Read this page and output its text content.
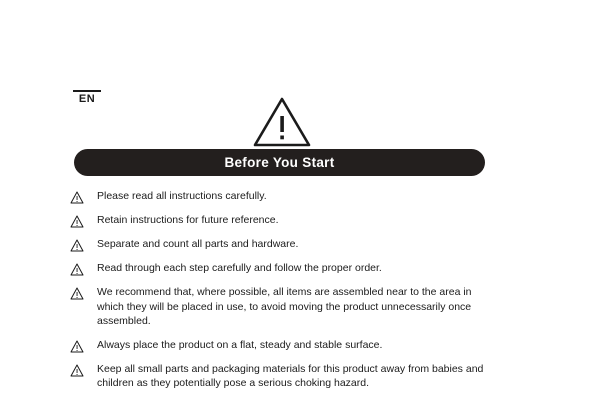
EN
Before You Start
Please read all instructions carefully.
Retain instructions for future reference.
Separate and count all parts and hardware.
Read through each step carefully and follow the proper order.
We recommend that, where possible, all items are assembled near to the area in which they will be placed in use, to avoid moving the product unnecessarily once assembled.
Always place the product on a flat, steady and stable surface.
Keep all small parts and packaging materials for this product away from babies and children as they potentially pose a serious choking hazard.
